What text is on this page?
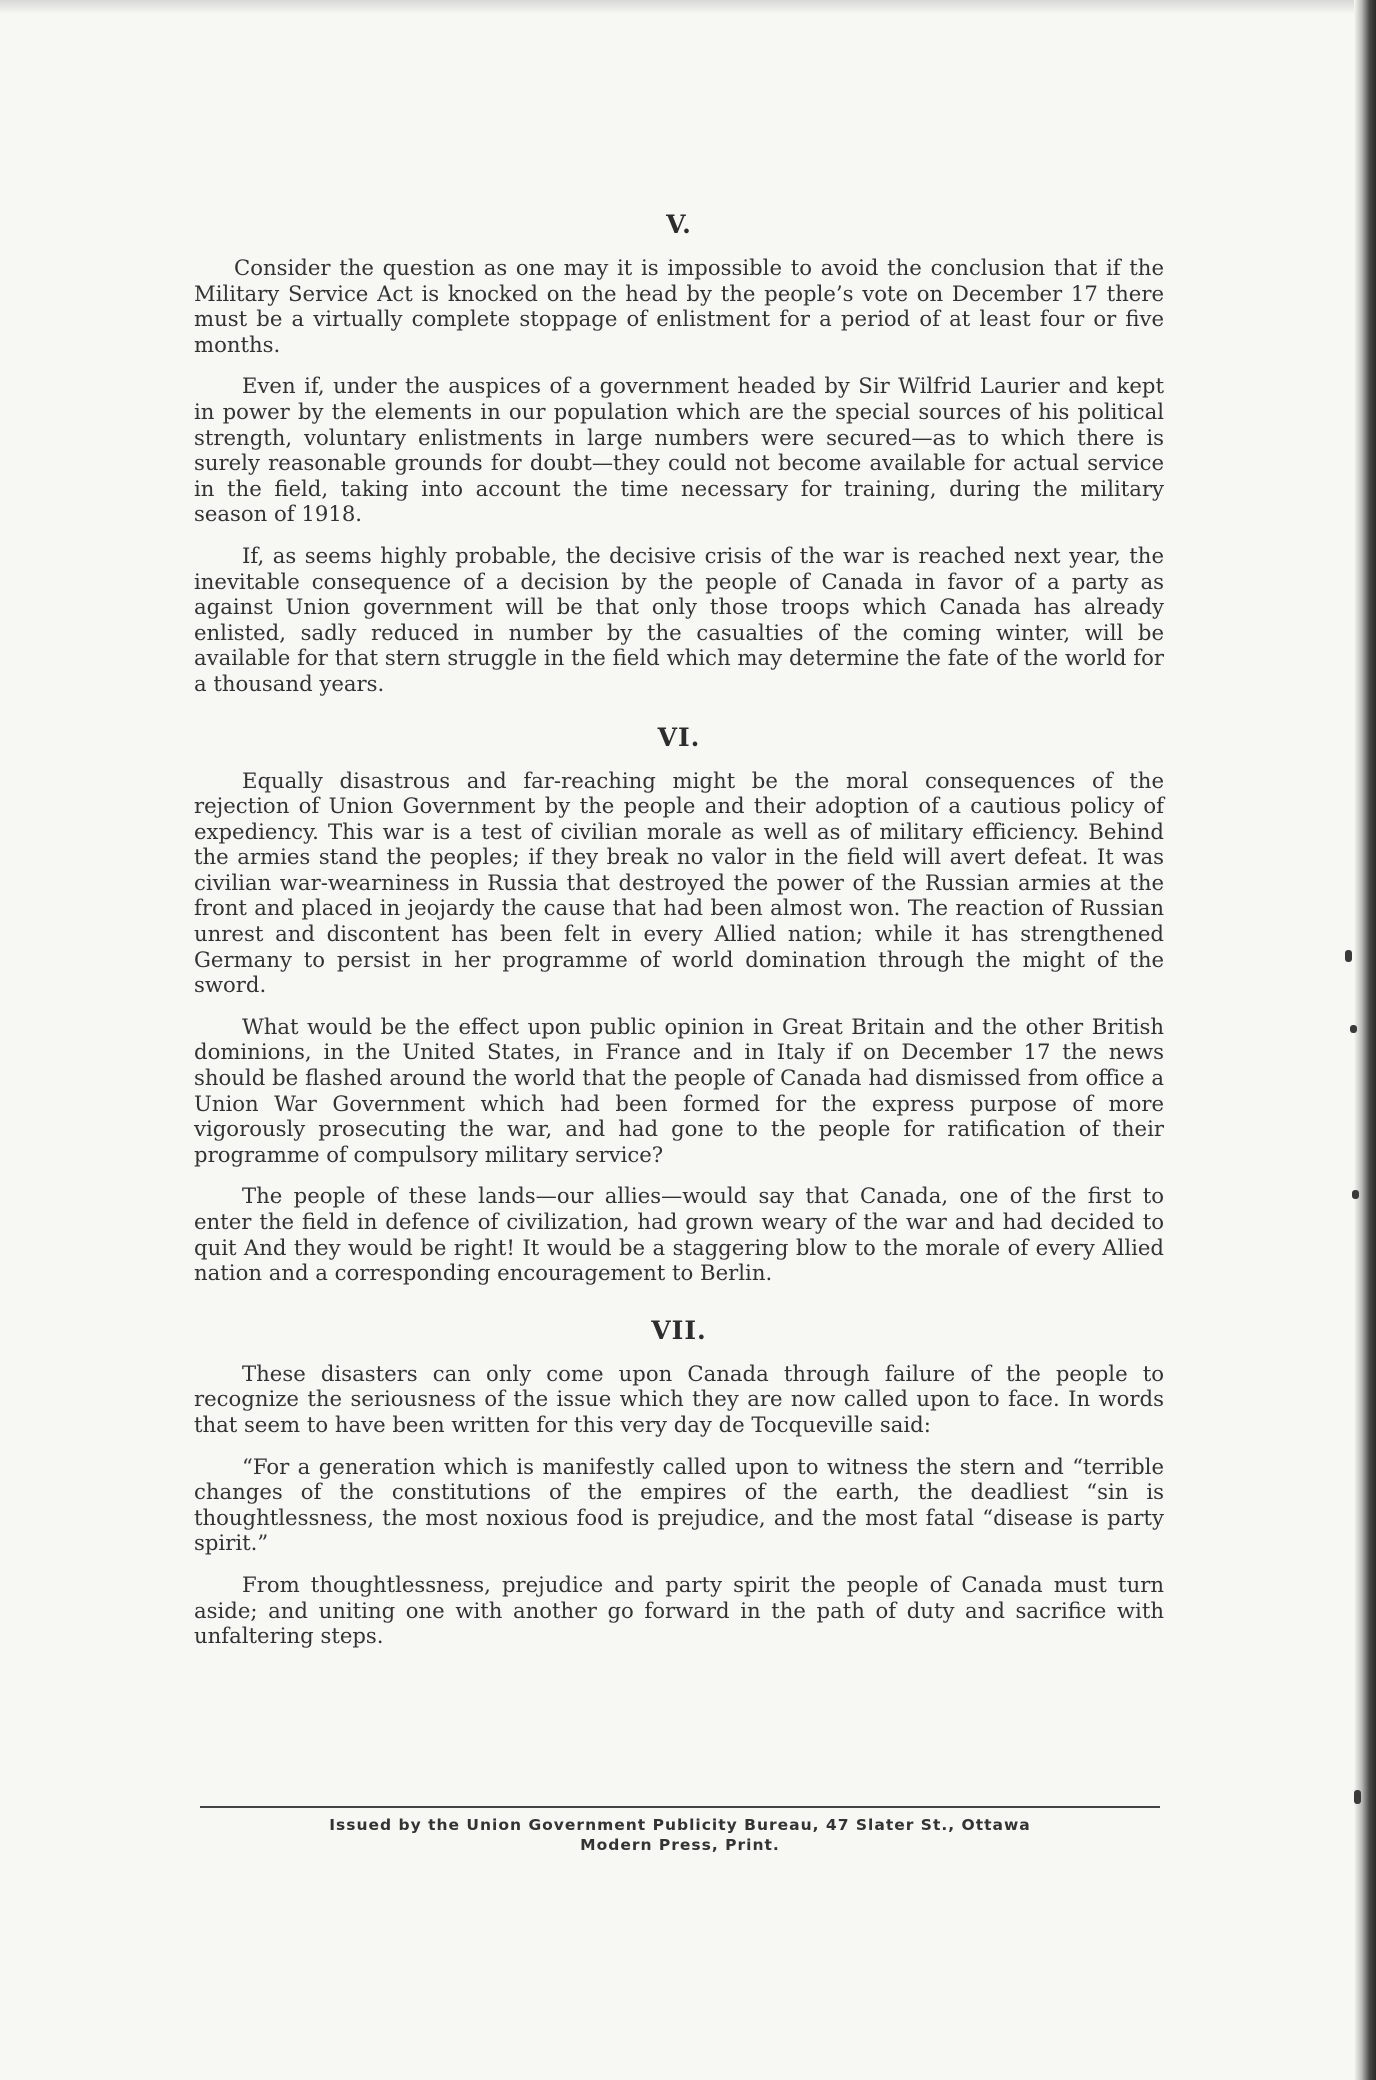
V.

Consider the question as one may it is impossible to avoid the conclusion that if the Military Service Act is knocked on the head by the people’s vote on December 17 there must be a virtually complete stoppage of enlistment for a period of at least four or five months.

Even if, under the auspices of a government headed by Sir Wilfrid Laurier and kept in power by the elements in our population which are the special sources of his political strength, voluntary enlistments in large numbers were secured—as to which there is surely reasonable grounds for doubt—they could not become available for actual service in the field, taking into account the time necessary for training, during the military season of 1918.

If, as seems highly probable, the decisive crisis of the war is reached next year, the inevitable consequence of a decision by the people of Canada in favor of a party as against Union government will be that only those troops which Canada has already enlisted, sadly reduced in number by the casualties of the coming winter, will be available for that stern struggle in the field which may determine the fate of the world for a thousand years.

VI.

Equally disastrous and far-reaching might be the moral consequences of the rejection of Union Government by the people and their adoption of a cautious policy of expediency. This war is a test of civilian morale as well as of military efficiency. Behind the armies stand the peoples; if they break no valor in the field will avert defeat. It was civilian war-wearniness in Russia that destroyed the power of the Russian armies at the front and placed in jeojardy the cause that had been almost won. The reaction of Russian unrest and discontent has been felt in every Allied nation; while it has strengthened Germany to persist in her programme of world domination through the might of the sword.

What would be the effect upon public opinion in Great Britain and the other British dominions, in the United States, in France and in Italy if on December 17 the news should be flashed around the world that the people of Canada had dismissed from office a Union War Government which had been formed for the express purpose of more vigorously prosecuting the war, and had gone to the people for ratification of their programme of compulsory military service?

The people of these lands—our allies—would say that Canada, one of the first to enter the field in defence of civilization, had grown weary of the war and had decided to quit And they would be right! It would be a staggering blow to the morale of every Allied nation and a corresponding encouragement to Berlin.

VII.

These disasters can only come upon Canada through failure of the people to recognize the seriousness of the issue which they are now called upon to face. In words that seem to have been written for this very day de Tocqueville said:

“For a generation which is manifestly called upon to witness the stern and “terrible changes of the constitutions of the empires of the earth, the deadliest “sin is thoughtlessness, the most noxious food is prejudice, and the most fatal “disease is party spirit.”

From thoughtlessness, prejudice and party spirit the people of Canada must turn aside; and uniting one with another go forward in the path of duty and sacrifice with unfaltering steps.

Issued by the Union Government Publicity Bureau, 47 Slater St., Ottawa
Modern Press, Print.
